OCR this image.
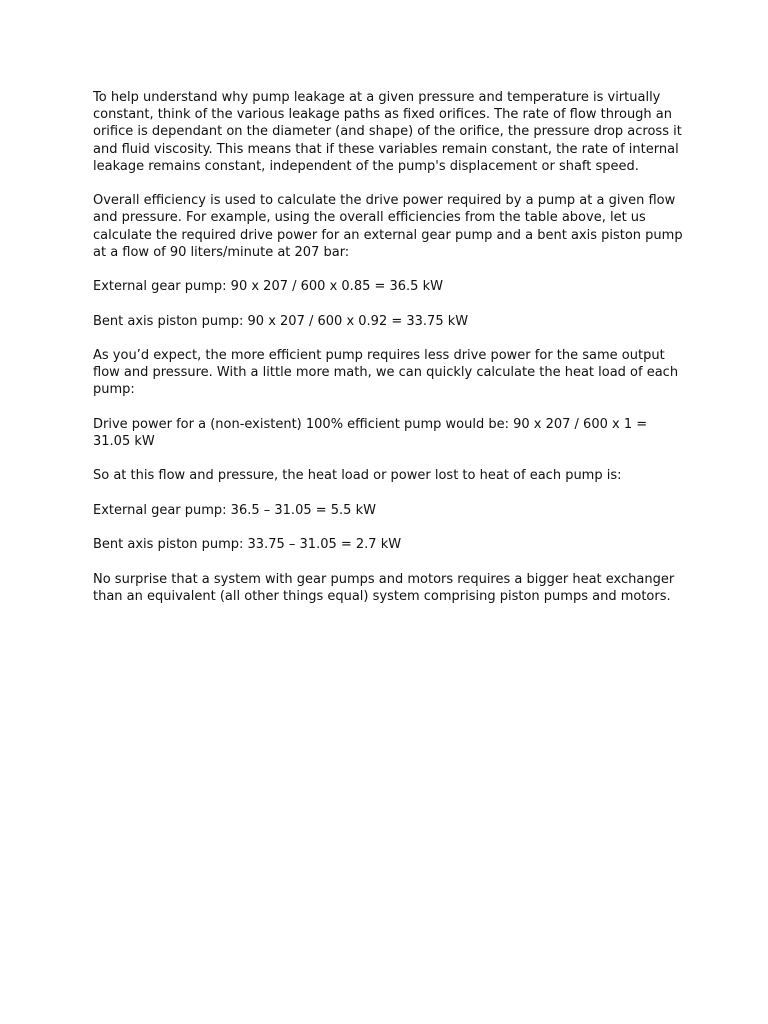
To help understand why pump leakage at a given pressure and temperature is virtually constant, think of the various leakage paths as fixed orifices. The rate of flow through an orifice is dependant on the diameter (and shape) of the orifice, the pressure drop across it and fluid viscosity. This means that if these variables remain constant, the rate of internal leakage remains constant, independent of the pump's displacement or shaft speed.

Overall efficiency is used to calculate the drive power required by a pump at a given flow and pressure. For example, using the overall efficiencies from the table above, let us calculate the required drive power for an external gear pump and a bent axis piston pump at a flow of 90 liters/minute at 207 bar:

External gear pump: 90 x 207 / 600 x 0.85 = 36.5 kW

Bent axis piston pump: 90 x 207 / 600 x 0.92 = 33.75 kW

As you’d expect, the more efficient pump requires less drive power for the same output flow and pressure. With a little more math, we can quickly calculate the heat load of each pump:

Drive power for a (non-existent) 100% efficient pump would be: 90 x 207 / 600 x 1 = 31.05 kW

So at this flow and pressure, the heat load or power lost to heat of each pump is:

External gear pump: 36.5 – 31.05 = 5.5 kW

Bent axis piston pump: 33.75 – 31.05 = 2.7 kW

No surprise that a system with gear pumps and motors requires a bigger heat exchanger than an equivalent (all other things equal) system comprising piston pumps and motors.
